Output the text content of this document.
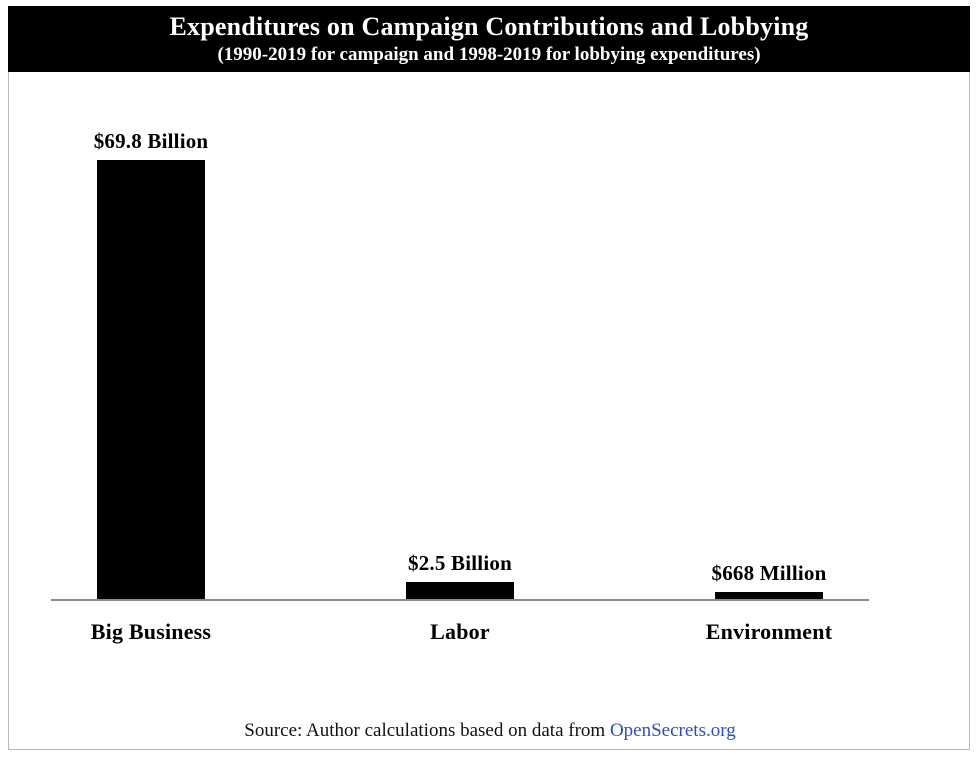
Expenditures on Campaign Contributions and Lobbying
(1990-2019 for campaign and 1998-2019 for lobbying expenditures)
$69.8 Billion
$2.5 Billion	$668 Million
Big Business	Labor	Environment
Source: Author calculations based on data from OpenSecrets.org
